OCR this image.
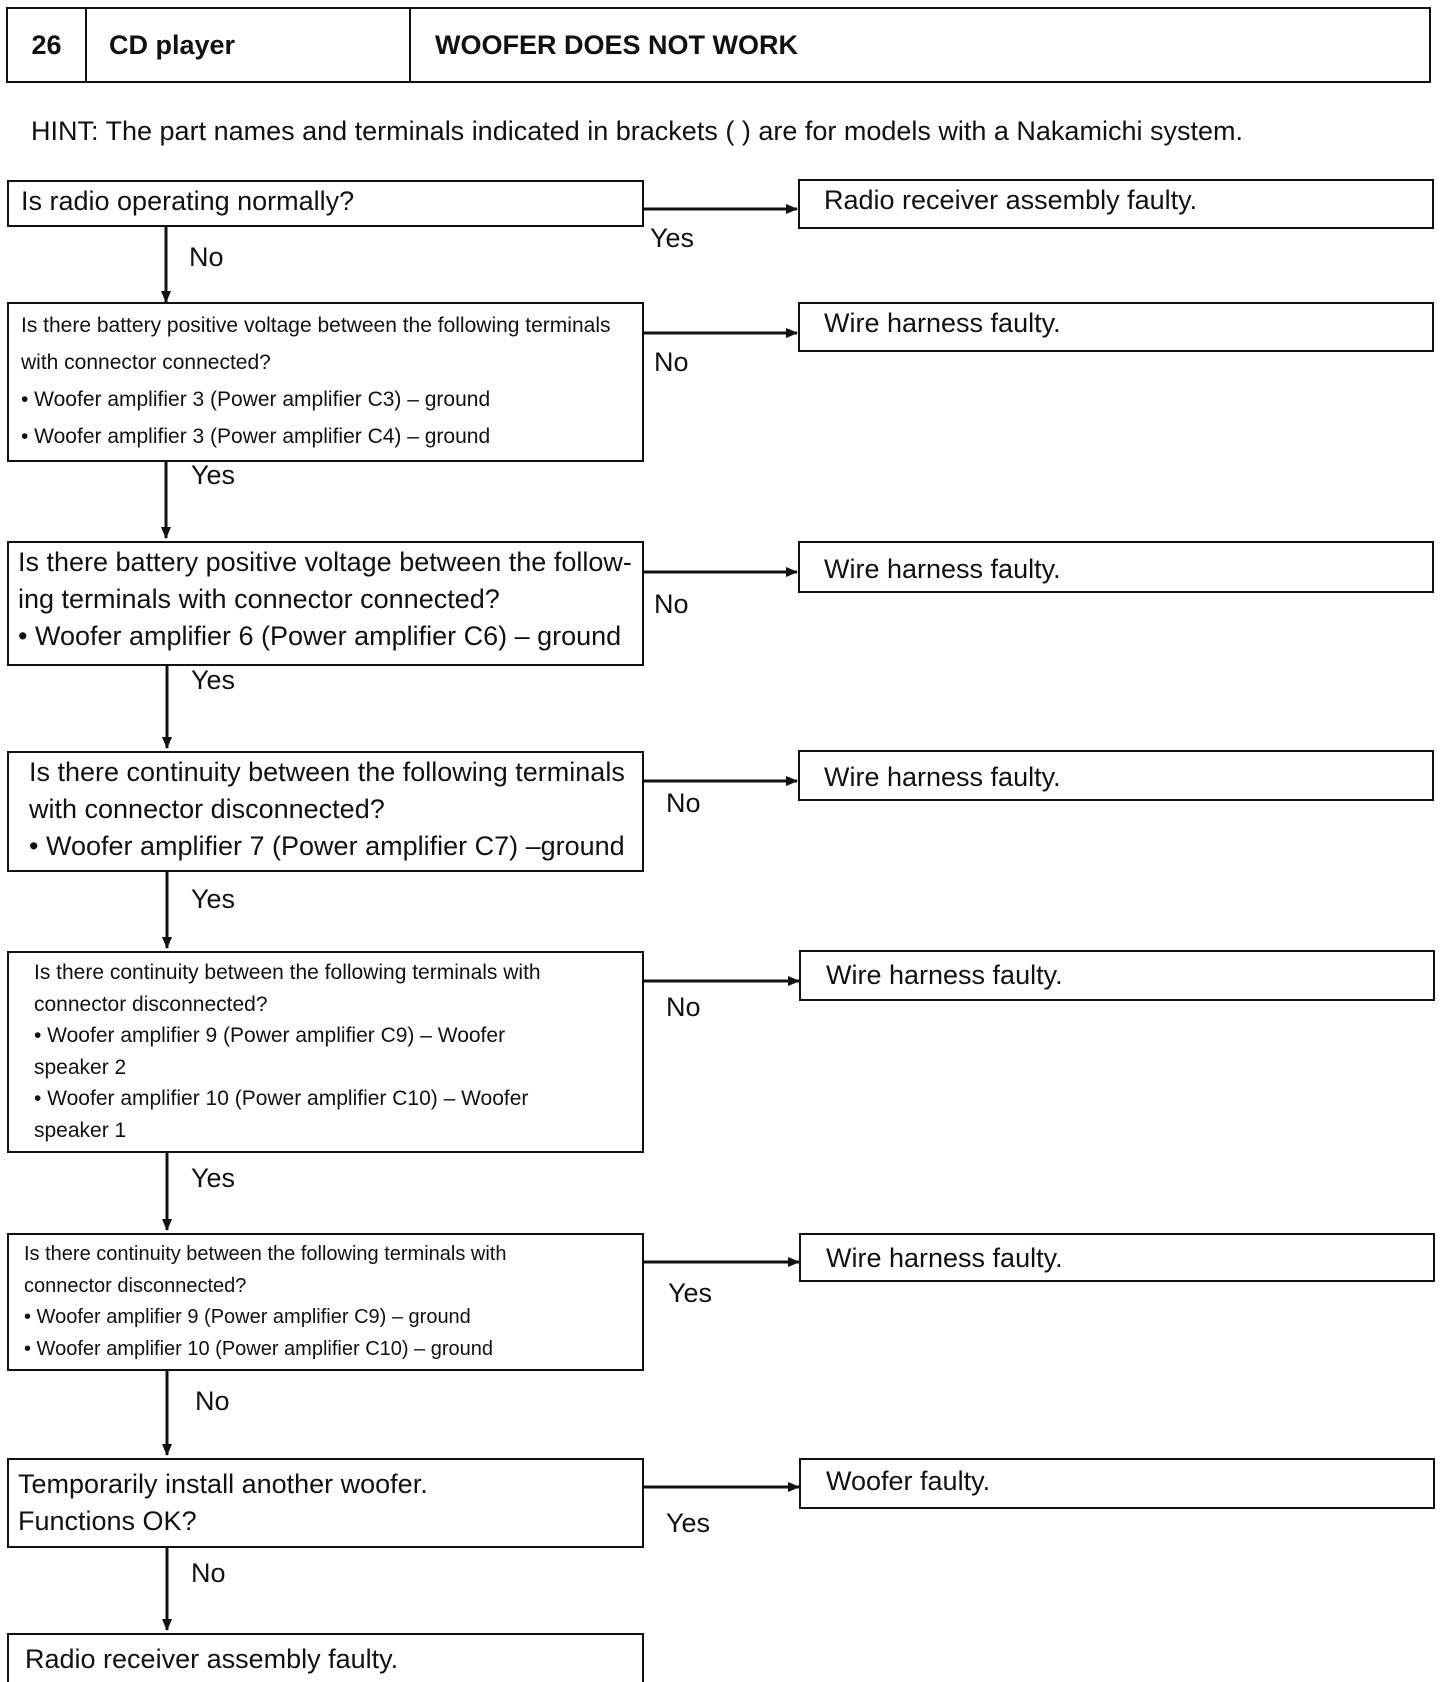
26	CD player	WOOFER DOES NOT WORK
HINT: The part names and terminals indicated in brackets ( ) are for models with a Nakamichi system.

Is radio operating normally?	Radio receiver assembly faulty.

Yes
No

Is there battery positive voltage between the following terminals

with connector connected?

• Woofer amplifier 3 (Power amplifier C3) – ground

• Woofer amplifier 3 (Power amplifier C4) – ground

Wire harness faulty.

No
Yes

Is there battery positive voltage between the follow-

ing terminals with connector connected?

• Woofer amplifier 6 (Power amplifier C6) – ground

Wire harness faulty.

No
Yes

Is there continuity between the following terminals

with connector disconnected?

• Woofer amplifier 7 (Power amplifier C7) –ground

Wire harness faulty.

No
Yes

Is there continuity between the following terminals with

connector disconnected?

• Woofer amplifier 9 (Power amplifier C9) – Woofer

speaker 2

• Woofer amplifier 10 (Power amplifier C10) – Woofer

speaker 1

Wire harness faulty.

No
Yes

Is there continuity between the following terminals with

connector disconnected?

• Woofer amplifier 9 (Power amplifier C9) – ground

• Woofer amplifier 10 (Power amplifier C10) – ground

Wire harness faulty.

Yes
No

Temporarily install another woofer.

Functions OK?

Woofer faulty.

Yes
No

Radio receiver assembly faulty.
